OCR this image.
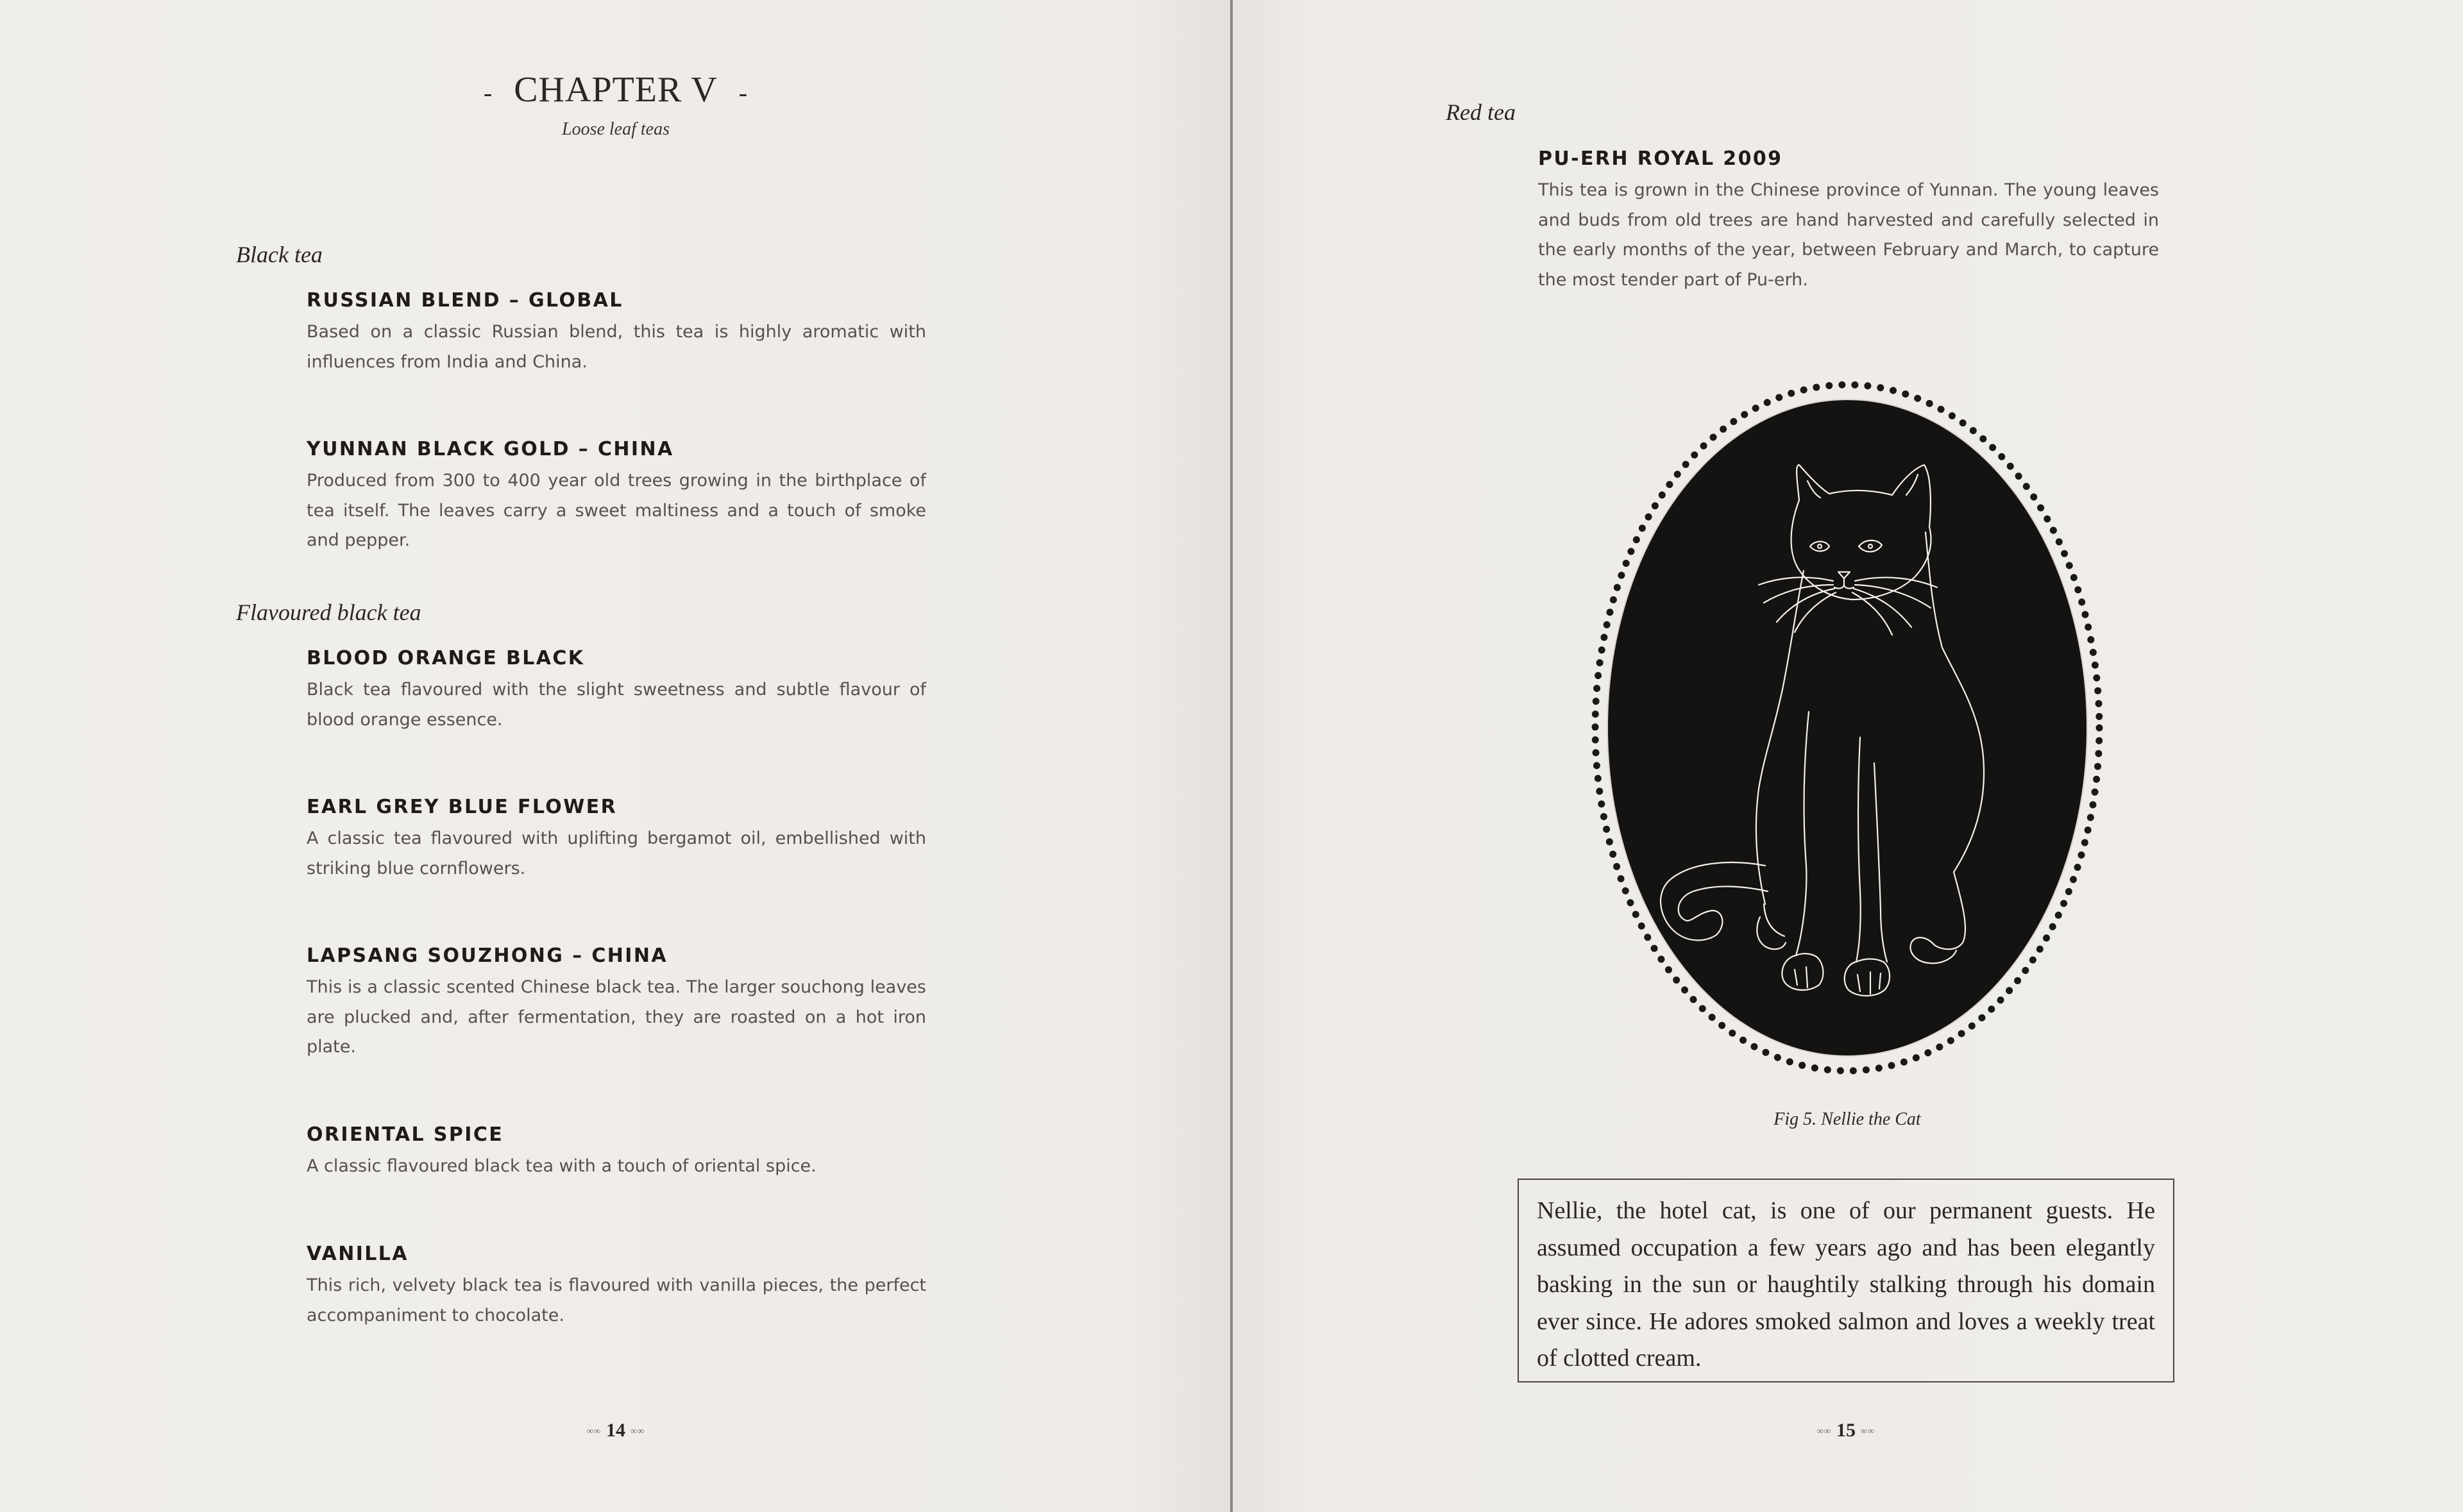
-   CHAPTER V   -
Loose leaf teas
Black tea
RUSSIAN BLEND – GLOBAL
Based on a classic Russian blend, this tea is highly aromatic with influences from India and China.
YUNNAN BLACK GOLD – CHINA
Produced from 300 to 400 year old trees growing in the birthplace of tea itself. The leaves carry a sweet maltiness and a touch of smoke and pepper.
Flavoured black tea
BLOOD ORANGE BLACK
Black tea flavoured with the slight sweetness and subtle flavour of blood orange essence.
EARL GREY BLUE FLOWER
A classic tea flavoured with uplifting bergamot oil, embellished with striking blue cornflowers.
LAPSANG SOUZHONG – CHINA
This is a classic scented Chinese black tea. The larger souchong leaves are plucked and, after fermentation, they are roasted on a hot iron plate.
ORIENTAL SPICE
A classic flavoured black tea with a touch of oriental spice.
VANILLA
This rich, velvety black tea is flavoured with vanilla pieces, the perfect accompaniment to chocolate.
∞∞ 14 ∞∞
Red tea
PU-ERH ROYAL 2009
This tea is grown in the Chinese province of Yunnan. The young leaves and buds from old trees are hand harvested and carefully selected in the early months of the year, between February and March, to capture the most tender part of Pu-erh.
Fig 5. Nellie the Cat

Nellie, the hotel cat, is one of our permanent guests. He assumed occupation a few years ago and has been elegantly basking in the sun or haughtily stalking through his domain ever since. He adores smoked salmon and loves a weekly treat of clotted cream.

∞∞ 15 ∞∞
